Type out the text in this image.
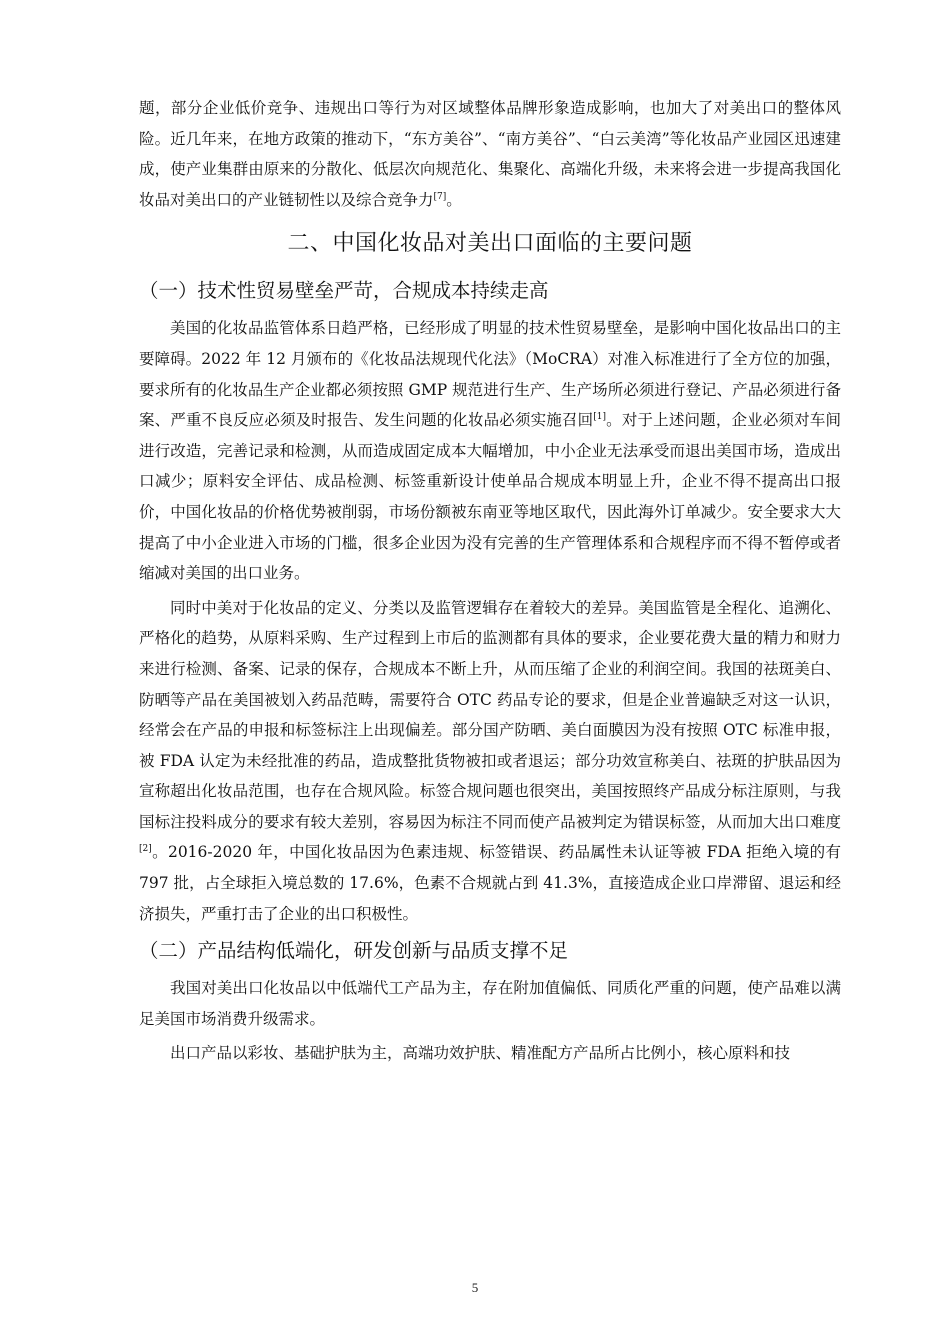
题，部分企业低价竞争、违规出口等行为对区域整体品牌形象造成影响，也加大了对美出口的整体风险。近几年来，在地方政策的推动下，“东方美谷”、“南方美谷”、“白云美湾”等化妆品产业园区迅速建成，使产业集群由原来的分散化、低层次向规范化、集聚化、高端化升级，未来将会进一步提高我国化妆品对美出口的产业链韧性以及综合竞争力[7]。

二、中国化妆品对美出口面临的主要问题
（一）技术性贸易壁垒严苛，合规成本持续走高

美国的化妆品监管体系日趋严格，已经形成了明显的技术性贸易壁垒，是影响中国化妆品出口的主要障碍。2022 年 12 月颁布的《化妆品法规现代化法》（MoCRA）对准入标准进行了全方位的加强，要求所有的化妆品生产企业都必须按照 GMP 规范进行生产、生产场所必须进行登记、产品必须进行备案、严重不良反应必须及时报告、发生问题的化妆品必须实施召回[1]。对于上述问题，企业必须对车间进行改造，完善记录和检测，从而造成固定成本大幅增加，中小企业无法承受而退出美国市场，造成出口减少；原料安全评估、成品检测、标签重新设计使单品合规成本明显上升，企业不得不提高出口报价，中国化妆品的价格优势被削弱，市场份额被东南亚等地区取代，因此海外订单减少。安全要求大大提高了中小企业进入市场的门槛，很多企业因为没有完善的生产管理体系和合规程序而不得不暂停或者缩减对美国的出口业务。

同时中美对于化妆品的定义、分类以及监管逻辑存在着较大的差异。美国监管是全程化、追溯化、严格化的趋势，从原料采购、生产过程到上市后的监测都有具体的要求，企业要花费大量的精力和财力来进行检测、备案、记录的保存，合规成本不断上升，从而压缩了企业的利润空间。我国的祛斑美白、防晒等产品在美国被划入药品范畴，需要符合 OTC 药品专论的要求，但是企业普遍缺乏对这一认识，经常会在产品的申报和标签标注上出现偏差。部分国产防晒、美白面膜因为没有按照 OTC 标准申报，被 FDA 认定为未经批准的药品，造成整批货物被扣或者退运；部分功效宣称美白、祛斑的护肤品因为宣称超出化妆品范围，也存在合规风险。标签合规问题也很突出，美国按照终产品成分标注原则，与我国标注投料成分的要求有较大差别，容易因为标注不同而使产品被判定为错误标签，从而加大出口难度[2]。2016-2020 年，中国化妆品因为色素违规、标签错误、药品属性未认证等被 FDA 拒绝入境的有 797 批，占全球拒入境总数的 17.6%，色素不合规就占到 41.3%，直接造成企业口岸滞留、退运和经济损失，严重打击了企业的出口积极性。

（二）产品结构低端化，研发创新与品质支撑不足

我国对美出口化妆品以中低端代工产品为主，存在附加值偏低、同质化严重的问题，使产品难以满足美国市场消费升级需求。

出口产品以彩妆、基础护肤为主，高端功效护肤、精准配方产品所占比例小，核心原料和技

5
